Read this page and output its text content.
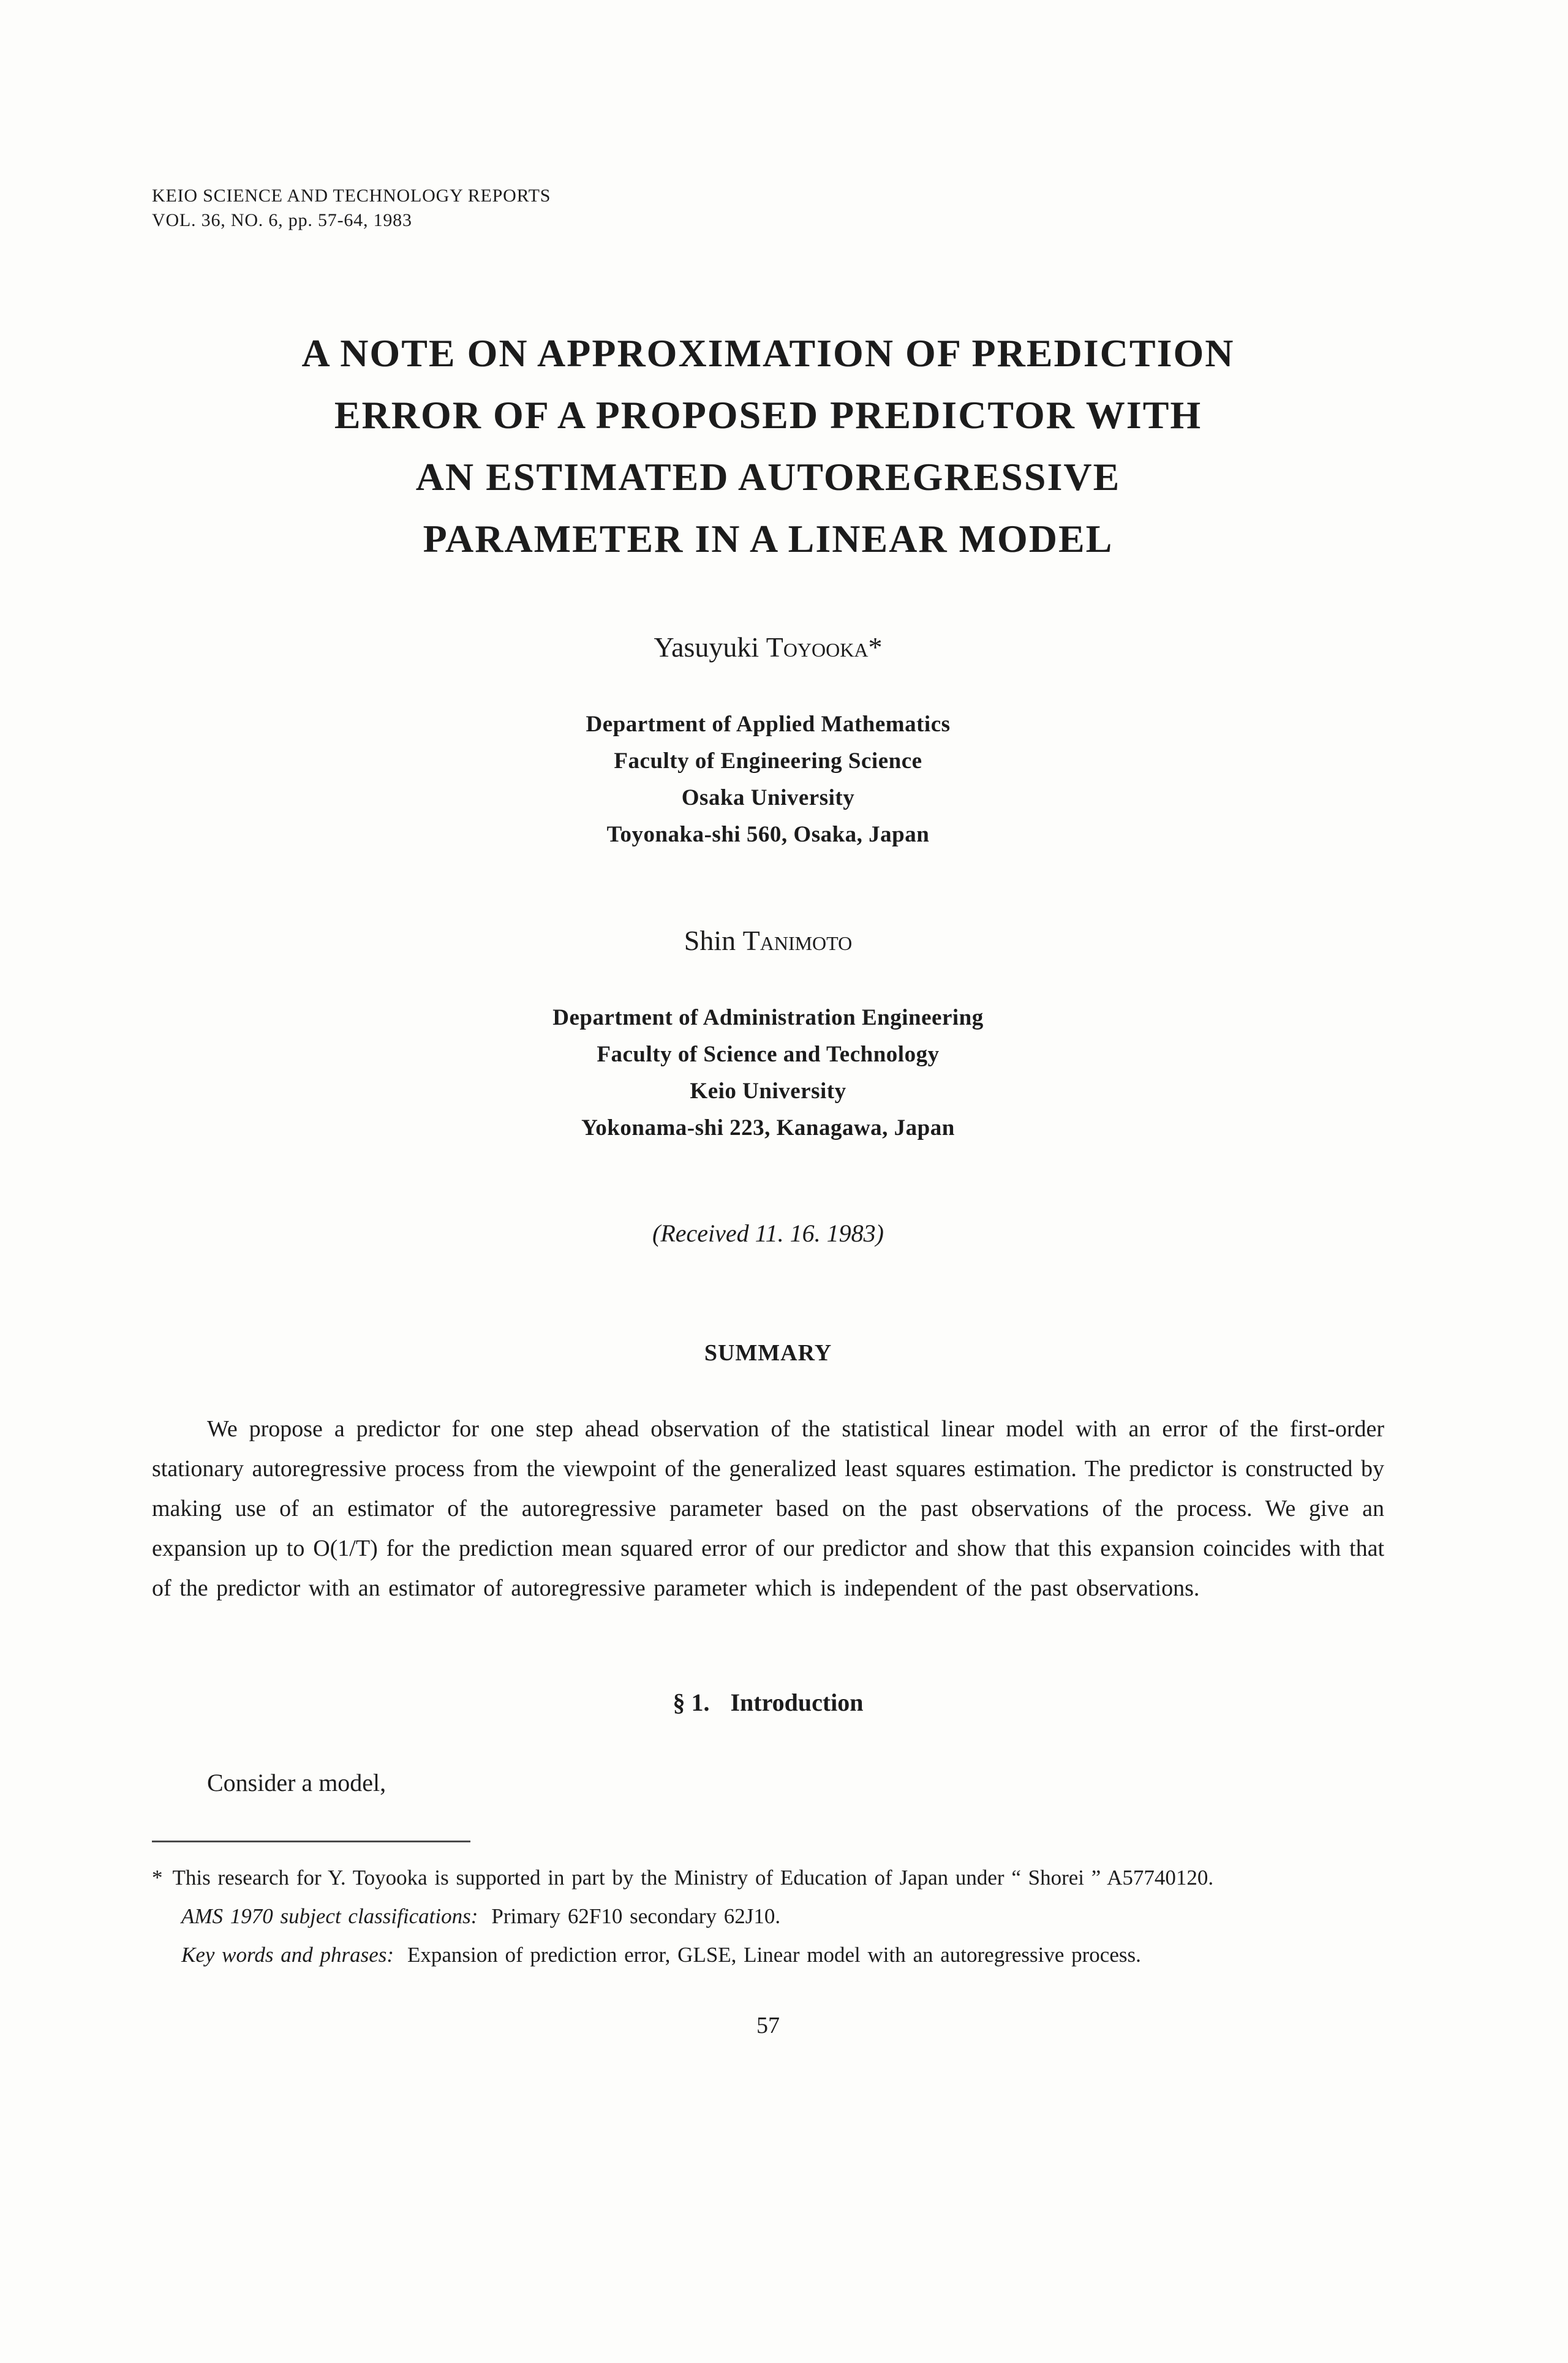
KEIO SCIENCE AND TECHNOLOGY REPORTS
VOL. 36, NO. 6, pp. 57-64, 1983
A NOTE ON APPROXIMATION OF PREDICTION
ERROR OF A PROPOSED PREDICTOR WITH
AN ESTIMATED AUTOREGRESSIVE
PARAMETER IN A LINEAR MODEL
Yasuyuki Toyooka*
Department of Applied Mathematics
Faculty of Engineering Science
Osaka University
Toyonaka-shi 560, Osaka, Japan
Shin Tanimoto
Department of Administration Engineering
Faculty of Science and Technology
Keio University
Yokonama-shi 223, Kanagawa, Japan
(Received 11. 16. 1983)
SUMMARY

We propose a predictor for one step ahead observation of the statistical linear model with an error of the first-order stationary autoregressive process from the viewpoint of the generalized least squares estimation. The predictor is constructed by making use of an estimator of the autoregressive parameter based on the past observations of the process. We give an expansion up to O(1/T) for the prediction mean squared error of our predictor and show that this expansion coincides with that of the predictor with an estimator of autoregressive parameter which is independent of the past observations.

§ 1. Introduction

Consider a model,

* This research for Y. Toyooka is supported in part by the Ministry of Education of Japan under “ Shorei ” A57740120.

AMS 1970 subject classifications: Primary 62F10 secondary 62J10.

Key words and phrases: Expansion of prediction error, GLSE, Linear model with an autoregressive process.

57
